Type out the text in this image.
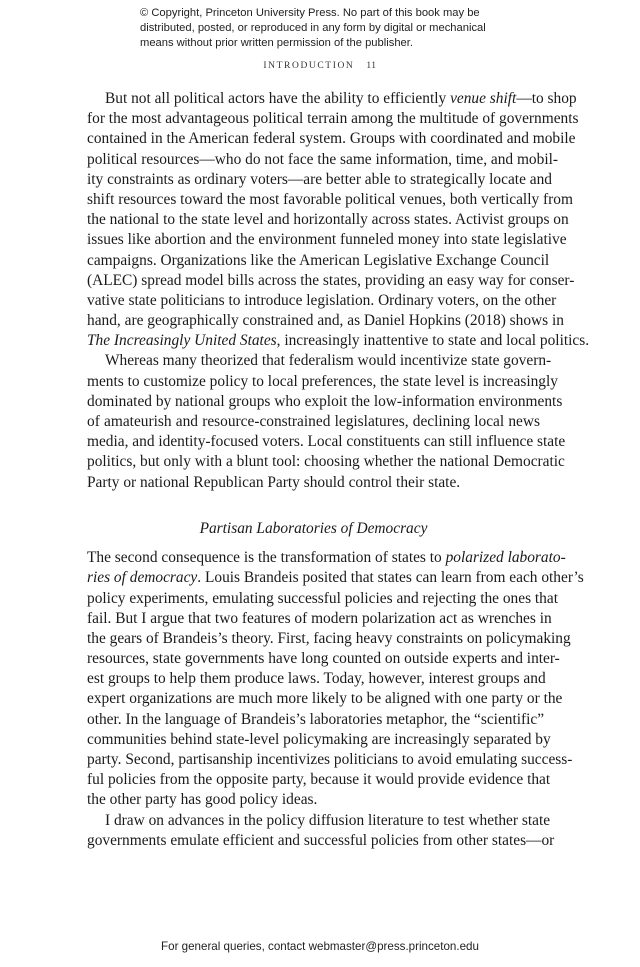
© Copyright, Princeton University Press. No part of this book may be
distributed, posted, or reproduced in any form by digital or mechanical
means without prior written permission of the publisher.
INTRODUCTION 11
But not all political actors have the ability to efficiently venue shift—to shop
for the most advantageous political terrain among the multitude of governments
contained in the American federal system. Groups with coordinated and mobile
political resources—who do not face the same information, time, and mobil-
ity constraints as ordinary voters—are better able to strategically locate and
shift resources toward the most favorable political venues, both vertically from
the national to the state level and horizontally across states. Activist groups on
issues like abortion and the environment funneled money into state legislative
campaigns. Organizations like the American Legislative Exchange Council
(ALEC) spread model bills across the states, providing an easy way for conser-
vative state politicians to introduce legislation. Ordinary voters, on the other
hand, are geographically constrained and, as Daniel Hopkins (2018) shows in
The Increasingly United States, increasingly inattentive to state and local politics.
Whereas many theorized that federalism would incentivize state govern-
ments to customize policy to local preferences, the state level is increasingly
dominated by national groups who exploit the low-information environments
of amateurish and resource-constrained legislatures, declining local news
media, and identity-focused voters. Local constituents can still influence state
politics, but only with a blunt tool: choosing whether the national Democratic
Party or national Republican Party should control their state.
Partisan Laboratories of Democracy
The second consequence is the transformation of states to polarized laborato-
ries of democracy. Louis Brandeis posited that states can learn from each other’s
policy experiments, emulating successful policies and rejecting the ones that
fail. But I argue that two features of modern polarization act as wrenches in
the gears of Brandeis’s theory. First, facing heavy constraints on policymaking
resources, state governments have long counted on outside experts and inter-
est groups to help them produce laws. Today, however, interest groups and
expert organizations are much more likely to be aligned with one party or the
other. In the language of Brandeis’s laboratories metaphor, the “scientific”
communities behind state-level policymaking are increasingly separated by
party. Second, partisanship incentivizes politicians to avoid emulating success-
ful policies from the opposite party, because it would provide evidence that
the other party has good policy ideas.
I draw on advances in the policy diffusion literature to test whether state
governments emulate efficient and successful policies from other states—or
For general queries, contact webmaster@press.princeton.edu
